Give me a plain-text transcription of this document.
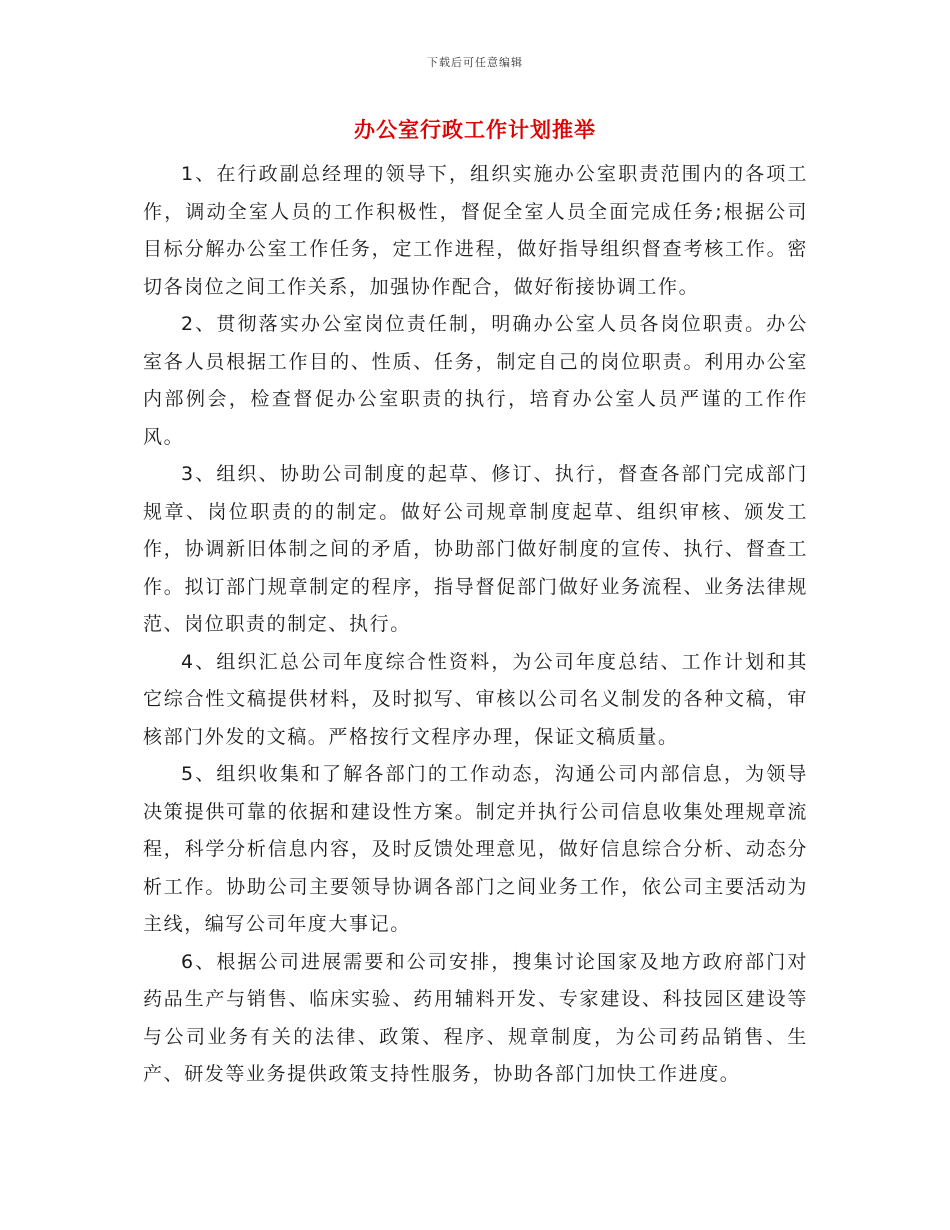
下载后可任意编辑
办公室行政工作计划推举

1、在行政副总经理的领导下，组织实施办公室职责范围内的各项工作，调动全室人员的工作积极性，督促全室人员全面完成任务;根据公司目标分解办公室工作任务，定工作进程，做好指导组织督查考核工作。密切各岗位之间工作关系，加强协作配合，做好衔接协调工作。

2、贯彻落实办公室岗位责任制，明确办公室人员各岗位职责。办公室各人员根据工作目的、性质、任务，制定自己的岗位职责。利用办公室内部例会，检查督促办公室职责的执行，培育办公室人员严谨的工作作风。

3、组织、协助公司制度的起草、修订、执行，督查各部门完成部门规章、岗位职责的的制定。做好公司规章制度起草、组织审核、颁发工作，协调新旧体制之间的矛盾，协助部门做好制度的宣传、执行、督查工作。拟订部门规章制定的程序，指导督促部门做好业务流程、业务法律规范、岗位职责的制定、执行。

4、组织汇总公司年度综合性资料，为公司年度总结、工作计划和其它综合性文稿提供材料，及时拟写、审核以公司名义制发的各种文稿，审核部门外发的文稿。严格按行文程序办理，保证文稿质量。

5、组织收集和了解各部门的工作动态，沟通公司内部信息，为领导决策提供可靠的依据和建设性方案。制定并执行公司信息收集处理规章流程，科学分析信息内容，及时反馈处理意见，做好信息综合分析、动态分析工作。协助公司主要领导协调各部门之间业务工作，依公司主要活动为主线，编写公司年度大事记。

6、根据公司进展需要和公司安排，搜集讨论国家及地方政府部门对药品生产与销售、临床实验、药用辅料开发、专家建设、科技园区建设等与公司业务有关的法律、政策、程序、规章制度，为公司药品销售、生产、研发等业务提供政策支持性服务，协助各部门加快工作进度。
